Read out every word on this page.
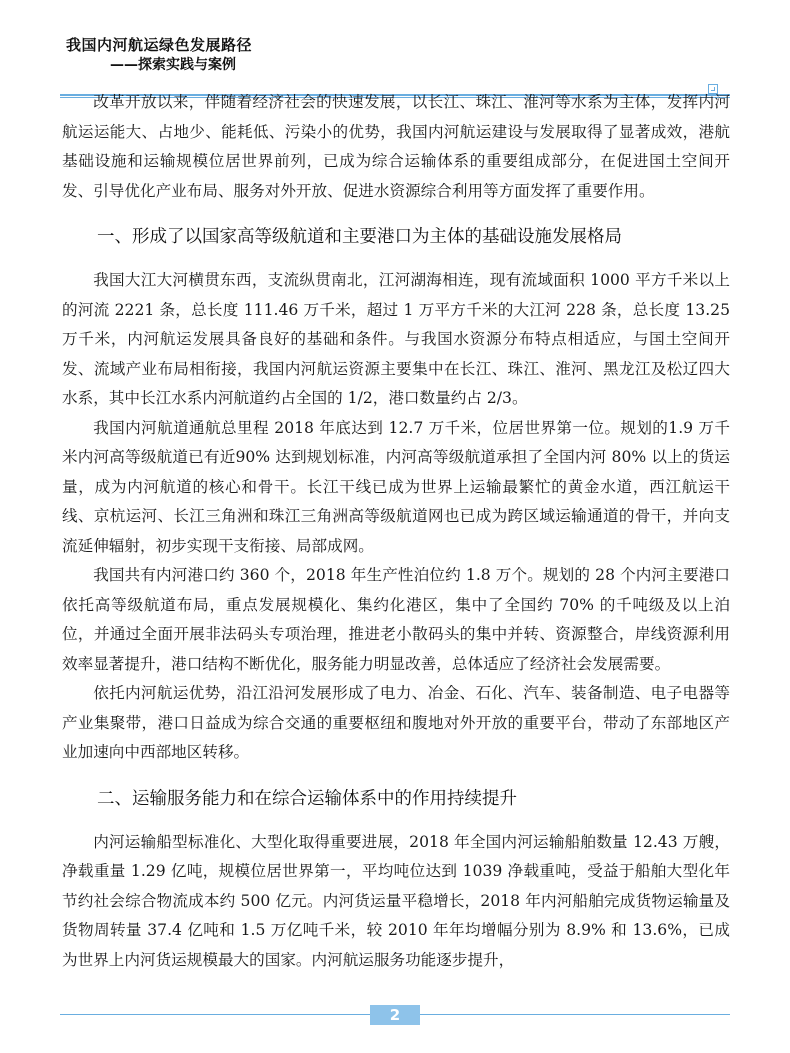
我国内河航运绿色发展路径
——探索实践与案例

改革开放以来，伴随着经济社会的快速发展，以长江、珠江、淮河等水系为主体，发挥内河航运运能大、占地少、能耗低、污染小的优势，我国内河航运建设与发展取得了显著成效，港航基础设施和运输规模位居世界前列，已成为综合运输体系的重要组成部分，在促进国土空间开发、引导优化产业布局、服务对外开放、促进水资源综合利用等方面发挥了重要作用。

一、形成了以国家高等级航道和主要港口为主体的基础设施发展格局

我国大江大河横贯东西，支流纵贯南北，江河湖海相连，现有流域面积 1000 平方千米以上的河流 2221 条，总长度 111.46 万千米，超过 1 万平方千米的大江河 228 条，总长度 13.25 万千米，内河航运发展具备良好的基础和条件。与我国水资源分布特点相适应，与国土空间开发、流域产业布局相衔接，我国内河航运资源主要集中在长江、珠江、淮河、黑龙江及松辽四大水系，其中长江水系内河航道约占全国的 1/2，港口数量约占 2/3。

我国内河航道通航总里程 2018 年底达到 12.7 万千米，位居世界第一位。规划的1.9 万千米内河高等级航道已有近90% 达到规划标准，内河高等级航道承担了全国内河 80% 以上的货运量，成为内河航道的核心和骨干。长江干线已成为世界上运输最繁忙的黄金水道，西江航运干线、京杭运河、长江三角洲和珠江三角洲高等级航道网也已成为跨区域运输通道的骨干，并向支流延伸辐射，初步实现干支衔接、局部成网。

我国共有内河港口约 360 个，2018 年生产性泊位约 1.8 万个。规划的 28 个内河主要港口依托高等级航道布局，重点发展规模化、集约化港区，集中了全国约 70% 的千吨级及以上泊位，并通过全面开展非法码头专项治理，推进老小散码头的集中并转、资源整合，岸线资源利用效率显著提升，港口结构不断优化，服务能力明显改善，总体适应了经济社会发展需要。

依托内河航运优势，沿江沿河发展形成了电力、冶金、石化、汽车、装备制造、电子电器等产业集聚带，港口日益成为综合交通的重要枢纽和腹地对外开放的重要平台，带动了东部地区产业加速向中西部地区转移。

二、运输服务能力和在综合运输体系中的作用持续提升

内河运输船型标准化、大型化取得重要进展，2018 年全国内河运输船舶数量 12.43 万艘，净载重量 1.29 亿吨，规模位居世界第一，平均吨位达到 1039 净载重吨，受益于船舶大型化年节约社会综合物流成本约 500 亿元。内河货运量平稳增长，2018 年内河船舶完成货物运输量及货物周转量 37.4 亿吨和 1.5 万亿吨千米，较 2010 年年均增幅分别为 8.9% 和 13.6%，已成为世界上内河货运规模最大的国家。内河航运服务功能逐步提升，

2
